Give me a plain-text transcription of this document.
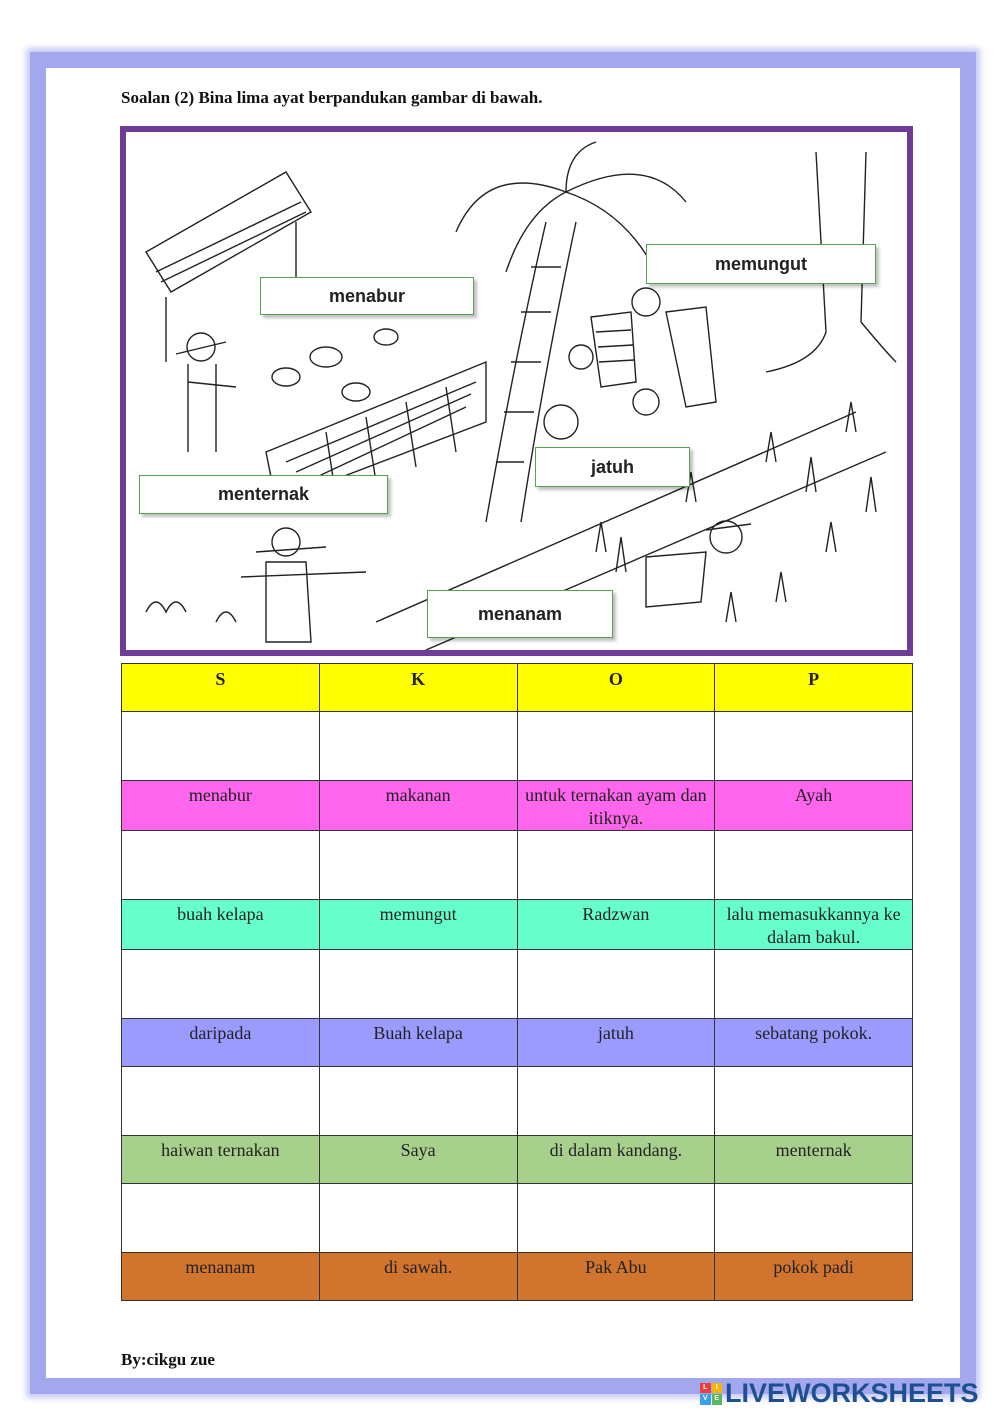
Soalan (2) Bina lima ayat berpandukan gambar di bawah.
menabur
memungut
jatuh
menternak
menanam
S	K	O	P

menabur	makanan	untuk ternakan ayam dan itiknya.	Ayah

buah kelapa	memungut	Radzwan	lalu memasukkannya ke dalam bakul.

daripada	Buah kelapa	jatuh	sebatang pokok.

haiwan ternakan	Saya	di dalam kandang.	menternak

menanam	di sawah.	Pak Abu	pokok padi
By:cikgu zue
L	I
V E LIVEWORKSHEETS
